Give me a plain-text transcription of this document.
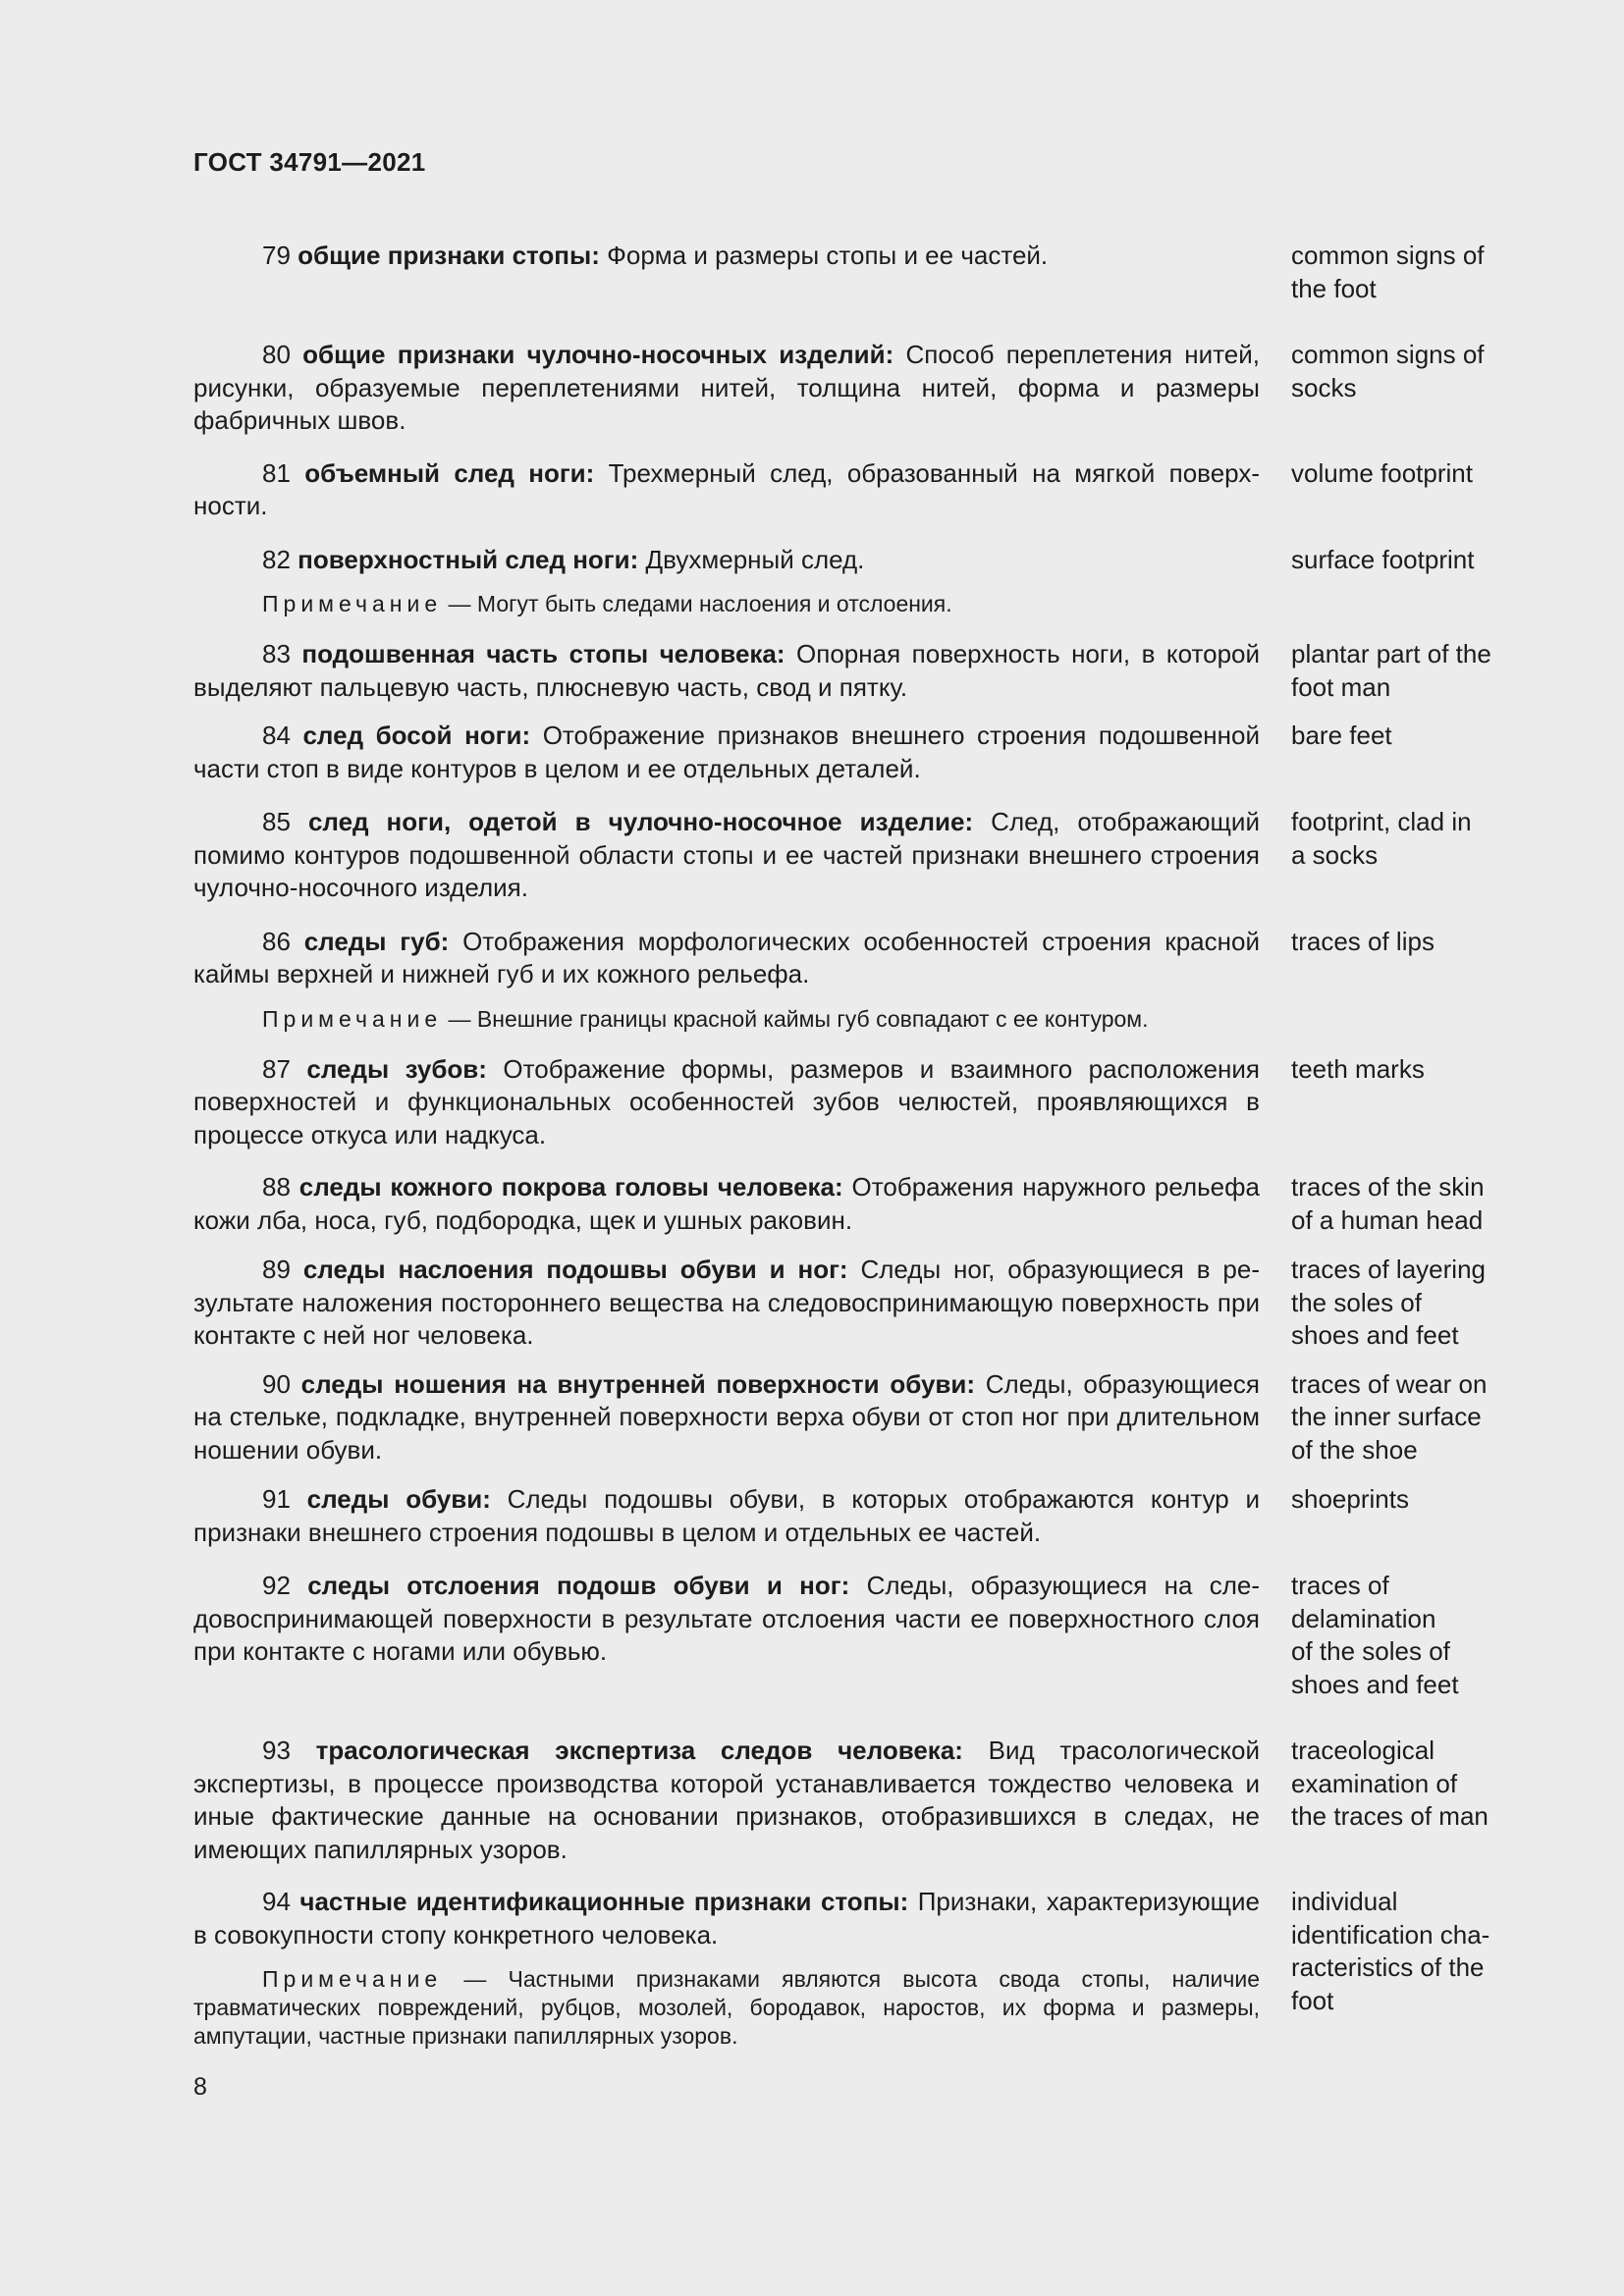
ГОСТ 34791—2021
79 общие признаки стопы: Форма и размеры стопы и ее частей.	common signs of
the foot
80 общие признаки чулочно-носочных изделий: Способ переплетения нитей, рисунки, образуемые переплетениями нитей, толщина нитей, форма и размеры фабричных швов.
common signs of
socks
81 объемный след ноги: Трехмерный след, образованный на мягкой поверхности.
volume footprint
82 поверхностный след ноги: Двухмерный след.
Примечание — Могут быть следами наслоения и отслоения.
surface footprint
83 подошвенная часть стопы человека: Опорная поверхность ноги, в которой выделяют пальцевую часть, плюсневую часть, свод и пятку.
plantar part of the
foot man
84 след босой ноги: Отображение признаков внешнего строения подошвенной части стоп в виде контуров в целом и ее отдельных деталей.
bare feet
85 след ноги, одетой в чулочно-носочное изделие: След, отображающий помимо контуров подошвенной области стопы и ее частей признаки внешнего строения чулочно-носочного изделия.
footprint, clad in
a socks
86 следы губ: Отображения морфологических особенностей строения красной каймы верхней и нижней губ и их кожного рельефа.
Примечание — Внешние границы красной каймы губ совпадают с ее контуром.
traces of lips
87 следы зубов: Отображение формы, размеров и взаимного расположения поверхностей и функциональных особенностей зубов челюстей, проявляющихся в процессе откуса или надкуса.
teeth marks
88 следы кожного покрова головы человека: Отображения наружного рельефа кожи лба, носа, губ, подбородка, щек и ушных раковин.
traces of the skin
of a human head
89 следы наслоения подошвы обуви и ног: Следы ног, образующиеся в результате наложения постороннего вещества на следовоспринимающую поверхность при контакте с ней ног человека.
traces of layering
the soles of
shoes and feet
90 следы ношения на внутренней поверхности обуви: Следы, образующиеся на стельке, подкладке, внутренней поверхности верха обуви от стоп ног при длительном ношении обуви.
traces of wear on
the inner surface
of the shoe
91 следы обуви: Следы подошвы обуви, в которых отображаются контур и признаки внешнего строения подошвы в целом и отдельных ее частей.
shoeprints
92 следы отслоения подошв обуви и ног: Следы, образующиеся на следовоспринимающей поверхности в результате отслоения части ее поверхностного слоя при контакте с ногами или обувью.
traces of
delamination
of the soles of
shoes and feet
93 трасологическая экспертиза следов человека: Вид трасологической экспертизы, в процессе производства которой устанавливается тождество человека и иные фактические данные на основании признаков, отобразившихся в следах, не имеющих папиллярных узоров.
traceological
examination of
the traces of man
94 частные идентификационные признаки стопы: Признаки, характеризующие в совокупности стопу конкретного человека.
Примечание — Частными признаками являются высота свода стопы, наличие травматических повреждений, рубцов, мозолей, бородавок, наростов, их форма и размеры, ампутации, частные признаки папиллярных узоров.
individual
identification cha-
racteristics of the
foot
8
